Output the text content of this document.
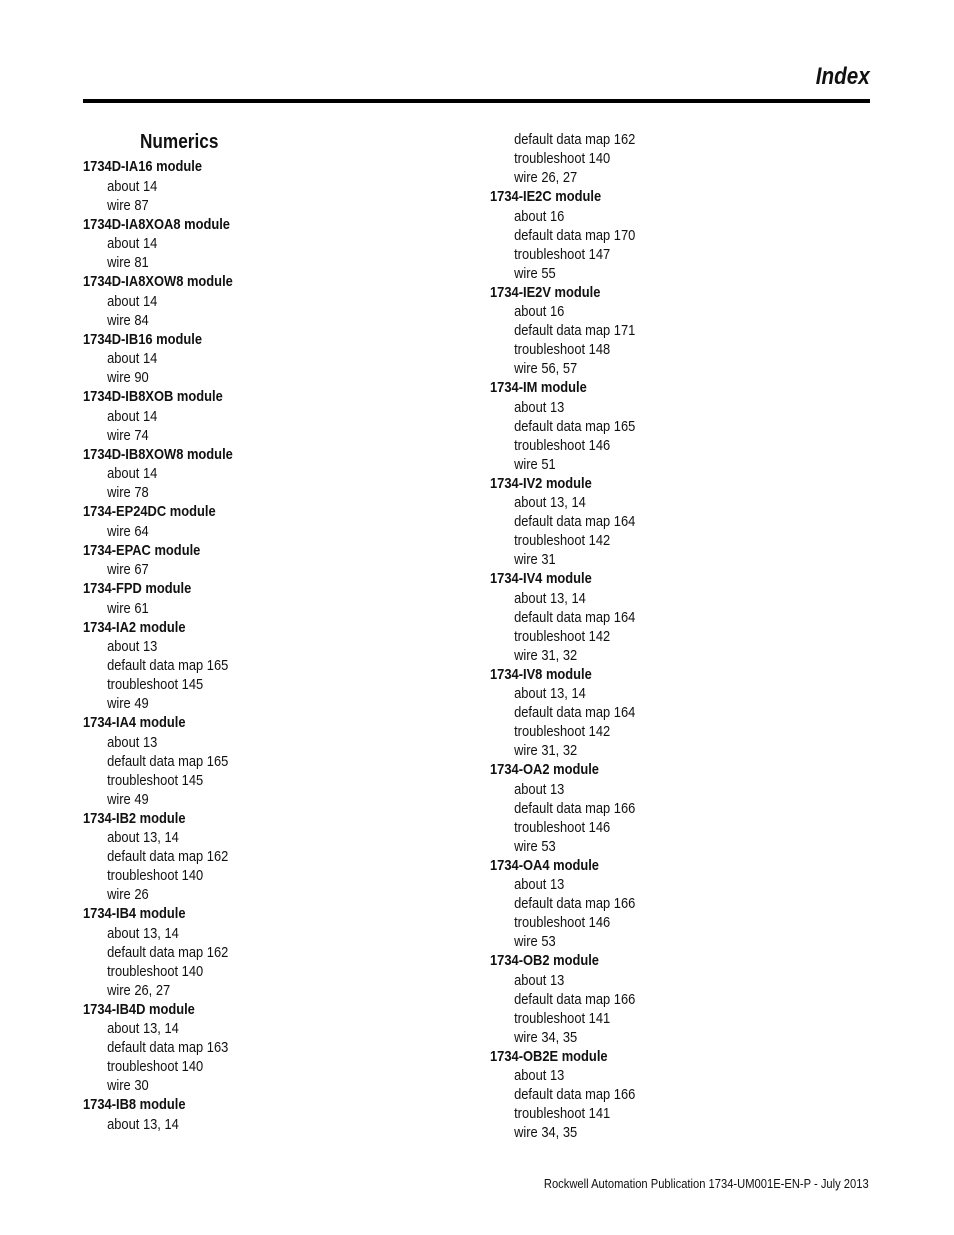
Index
Numerics
1734D-IA16 module
about 14
wire 87
1734D-IA8XOA8 module
about 14
wire 81
1734D-IA8XOW8 module
about 14
wire 84
1734D-IB16 module
about 14
wire 90
1734D-IB8XOB module
about 14
wire 74
1734D-IB8XOW8 module
about 14
wire 78
1734-EP24DC module
wire 64
1734-EPAC module
wire 67
1734-FPD module
wire 61
1734-IA2 module
about 13
default data map 165
troubleshoot 145
wire 49
1734-IA4 module
about 13
default data map 165
troubleshoot 145
wire 49
1734-IB2 module
about 13, 14
default data map 162
troubleshoot 140
wire 26
1734-IB4 module
about 13, 14
default data map 162
troubleshoot 140
wire 26, 27
1734-IB4D module
about 13, 14
default data map 163
troubleshoot 140
wire 30
1734-IB8 module
about 13, 14
default data map 162
troubleshoot 140
wire 26, 27
1734-IE2C module
about 16
default data map 170
troubleshoot 147
wire 55
1734-IE2V module
about 16
default data map 171
troubleshoot 148
wire 56, 57
1734-IM module
about 13
default data map 165
troubleshoot 146
wire 51
1734-IV2 module
about 13, 14
default data map 164
troubleshoot 142
wire 31
1734-IV4 module
about 13, 14
default data map 164
troubleshoot 142
wire 31, 32
1734-IV8 module
about 13, 14
default data map 164
troubleshoot 142
wire 31, 32
1734-OA2 module
about 13
default data map 166
troubleshoot 146
wire 53
1734-OA4 module
about 13
default data map 166
troubleshoot 146
wire 53
1734-OB2 module
about 13
default data map 166
troubleshoot 141
wire 34, 35
1734-OB2E module
about 13
default data map 166
troubleshoot 141
wire 34, 35
Rockwell Automation Publication 1734-UM001E-EN-P - July 2013
